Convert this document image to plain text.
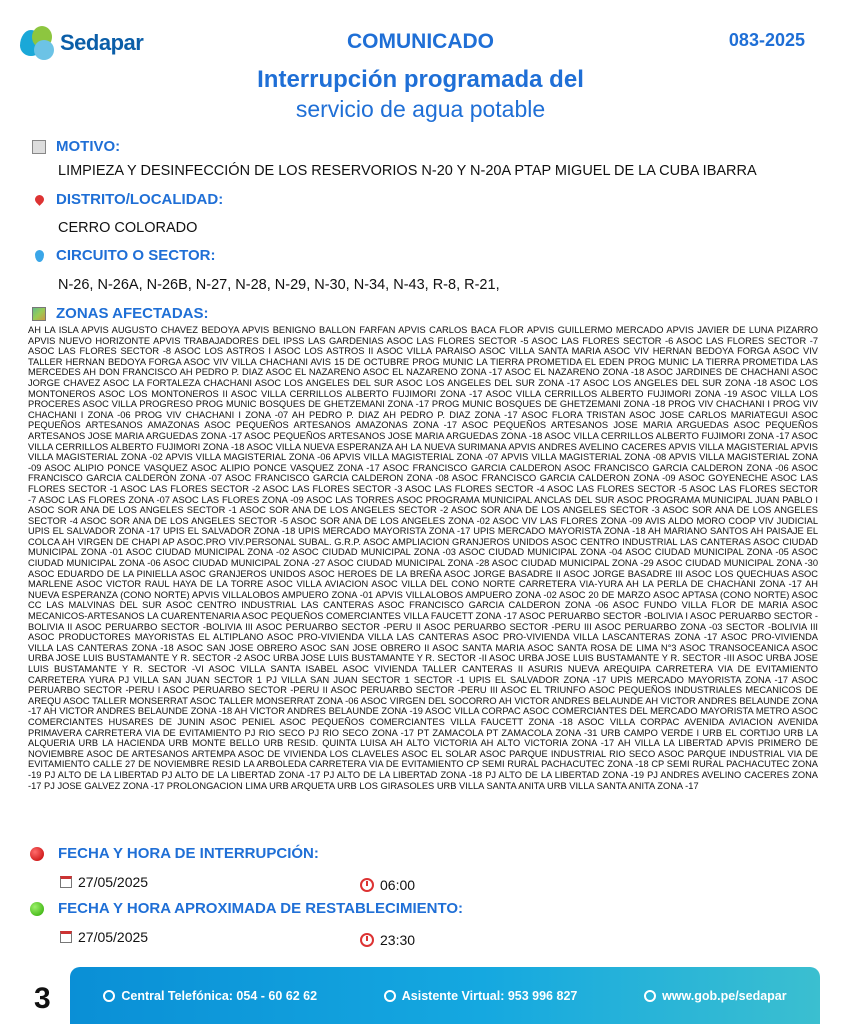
Sedapar	COMUNICADO	083-2025
Interrupción programada del
servicio de agua potable
MOTIVO:
LIMPIEZA Y DESINFECCIÓN DE LOS RESERVORIOS N-20 Y N-20A PTAP MIGUEL DE LA CUBA IBARRA
DISTRITO/LOCALIDAD:
CERRO COLORADO
CIRCUITO O SECTOR:
N-26, N-26A, N-26B, N-27, N-28, N-29, N-30, N-34, N-43, R-8, R-21,
ZONAS AFECTADAS:
AH LA ISLA APVIS AUGUSTO CHAVEZ BEDOYA APVIS BENIGNO BALLON FARFAN APVIS CARLOS BACA FLOR APVIS GUILLERMO MERCADO APVIS JAVIER DE LUNA PIZARRO APVIS NUEVO HORIZONTE APVIS TRABAJADORES DEL IPSS LAS GARDENIAS ASOC LAS FLORES SECTOR -5 ASOC LAS FLORES SECTOR -6 ASOC LAS FLORES SECTOR -7 ASOC LAS FLORES SECTOR -8 ASOC LOS ASTROS I ASOC LOS ASTROS II ASOC VILLA PARAISO ASOC VILLA SANTA MARIA ASOC VIV HERNAN BEDOYA FORGA ASOC VIV TALLER HERNAN BEDOYA FORGA ASOC VIV VILLA CHACHANI AVIS 15 DE OCTUBRE PROG MUNIC LA TIERRA PROMETIDA EL EDEN PROG MUNIC LA TIERRA PROMETIDA LAS MERCEDES AH DON FRANCISCO AH PEDRO P. DIAZ ASOC EL NAZARENO ASOC EL NAZARENO ZONA -17 ASOC EL NAZARENO ZONA -18 ASOC JARDINES DE CHACHANI ASOC JORGE CHAVEZ ASOC LA FORTALEZA CHACHANI ASOC LOS ANGELES DEL SUR ASOC LOS ANGELES DEL SUR ZONA -17 ASOC LOS ANGELES DEL SUR ZONA -18 ASOC LOS MONTONEROS ASOC LOS MONTONEROS II ASOC VILLA CERRILLOS ALBERTO FUJIMORI ZONA -17 ASOC VILLA CERRILLOS ALBERTO FUJIMORI ZONA -19 ASOC VILLA LOS PROCERES ASOC VILLA PROGRESO PROG MUNIC BOSQUES DE GHETZEMANI ZONA -17 PROG MUNIC BOSQUES DE GHETZEMANI ZONA -18 PROG VIV CHACHANI I PROG VIV CHACHANI I ZONA -06 PROG VIV CHACHANI I ZONA -07 AH PEDRO P. DIAZ AH PEDRO P. DIAZ ZONA -17 ASOC FLORA TRISTAN ASOC JOSE CARLOS MARIATEGUI ASOC PEQUEÑOS ARTESANOS AMAZONAS ASOC PEQUEÑOS ARTESANOS AMAZONAS ZONA -17 ASOC PEQUEÑOS ARTESANOS JOSE MARIA ARGUEDAS ASOC PEQUEÑOS ARTESANOS JOSE MARIA ARGUEDAS ZONA -17 ASOC PEQUEÑOS ARTESANOS JOSE MARIA ARGUEDAS ZONA -18 ASOC VILLA CERRILLOS ALBERTO FUJIMORI ZONA -17 ASOC VILLA CERRILLOS ALBERTO FUJIMORI ZONA -18 ASOC VILLA NUEVA ESPERANZA AH LA NUEVA SURIMANA APVIS ANDRES AVELINO CACERES APVIS VILLA MAGISTERIAL APVIS VILLA MAGISTERIAL ZONA -02 APVIS VILLA MAGISTERIAL ZONA -06 APVIS VILLA MAGISTERIAL ZONA -07 APVIS VILLA MAGISTERIAL ZONA -08 APVIS VILLA MAGISTERIAL ZONA -09 ASOC ALIPIO PONCE VASQUEZ ASOC ALIPIO PONCE VASQUEZ ZONA -17 ASOC FRANCISCO GARCIA CALDERON ASOC FRANCISCO GARCIA CALDERON ZONA -06 ASOC FRANCISCO GARCIA CALDERON ZONA -07 ASOC FRANCISCO GARCIA CALDERON ZONA -08 ASOC FRANCISCO GARCIA CALDERON ZONA -09 ASOC GOYENECHE ASOC LAS FLORES SECTOR -1 ASOC LAS FLORES SECTOR -2 ASOC LAS FLORES SECTOR -3 ASOC LAS FLORES SECTOR -4 ASOC LAS FLORES SECTOR -5 ASOC LAS FLORES SECTOR -7 ASOC LAS FLORES ZONA -07 ASOC LAS FLORES ZONA -09 ASOC LAS TORRES ASOC PROGRAMA MUNICIPAL ANCLAS DEL SUR ASOC PROGRAMA MUNICIPAL JUAN PABLO I ASOC SOR ANA DE LOS ANGELES SECTOR -1 ASOC SOR ANA DE LOS ANGELES SECTOR -2 ASOC SOR ANA DE LOS ANGELES SECTOR -3 ASOC SOR ANA DE LOS ANGELES SECTOR -4 ASOC SOR ANA DE LOS ANGELES SECTOR -5 ASOC SOR ANA DE LOS ANGELES ZONA -02 ASOC VIV LAS FLORES ZONA -09 AVIS ALDO MORO COOP VIV JUDICIAL UPIS EL SALVADOR ZONA -17 UPIS EL SALVADOR ZONA -18 UPIS MERCADO MAYORISTA ZONA -17 UPIS MERCADO MAYORISTA ZONA -18 AH MARIANO SANTOS AH PAISAJE EL COLCA AH VIRGEN DE CHAPI AP ASOC.PRO VIV.PERSONAL SUBAL. G.R.P. ASOC AMPLIACION GRANJEROS UNIDOS ASOC CENTRO INDUSTRIAL LAS CANTERAS ASOC CIUDAD MUNICIPAL ZONA -01 ASOC CIUDAD MUNICIPAL ZONA -02 ASOC CIUDAD MUNICIPAL ZONA -03 ASOC CIUDAD MUNICIPAL ZONA -04 ASOC CIUDAD MUNICIPAL ZONA -05 ASOC CIUDAD MUNICIPAL ZONA -06 ASOC CIUDAD MUNICIPAL ZONA -27 ASOC CIUDAD MUNICIPAL ZONA -28 ASOC CIUDAD MUNICIPAL ZONA -29 ASOC CIUDAD MUNICIPAL ZONA -30 ASOC EDUARDO DE LA PINIELLA ASOC GRANJEROS UNIDOS ASOC HEROES DE LA BREÑA ASOC JORGE BASADRE II ASOC JORGE BASADRE III ASOC LOS QUECHUAS ASOC MARLENE ASOC VICTOR RAUL HAYA DE LA TORRE ASOC VILLA AVIACION ASOC VILLA DEL CONO NORTE CARRETERA VIA-YURA AH LA PERLA DE CHACHANI ZONA -17 AH NUEVA ESPERANZA (CONO NORTE) APVIS VILLALOBOS AMPUERO ZONA -01 APVIS VILLALOBOS AMPUERO ZONA -02 ASOC 20 DE MARZO ASOC APTASA (CONO NORTE) ASOC CC LAS MALVINAS DEL SUR ASOC CENTRO INDUSTRIAL LAS CANTERAS ASOC FRANCISCO GARCIA CALDERON ZONA -06 ASOC FUNDO VILLA FLOR DE MARIA ASOC MECANICOS-ARTESANOS LA CUARENTENARIA ASOC PEQUEÑOS COMERCIANTES VILLA FAUCETT ZONA -17 ASOC PERUARBO SECTOR -BOLIVIA I ASOC PERUARBO SECTOR -BOLIVIA II ASOC PERUARBO SECTOR -BOLIVIA III ASOC PERUARBO SECTOR -PERU II ASOC PERUARBO SECTOR -PERU III ASOC PERUARBO ZONA -03 SECTOR -BOLIVIA III ASOC PRODUCTORES MAYORISTAS EL ALTIPLANO ASOC PRO-VIVIENDA VILLA LAS CANTERAS ASOC PRO-VIVIENDA VILLA LASCANTERAS ZONA -17 ASOC PRO-VIVIENDA VILLA LAS CANTERAS ZONA -18 ASOC SAN JOSE OBRERO ASOC SAN JOSE OBRERO II ASOC SANTA MARIA ASOC SANTA ROSA DE LIMA N°3 ASOC TRANSOCEANICA ASOC URBA JOSE LUIS BUSTAMANTE Y R. SECTOR -2 ASOC URBA JOSE LUIS BUSTAMANTE Y R. SECTOR -II ASOC URBA JOSE LUIS BUSTAMANTE Y R. SECTOR -III ASOC URBA JOSE LUIS BUSTAMANTE Y R. SECTOR -VI ASOC VILLA SANTA ISABEL ASOC VIVIENDA TALLER CANTERAS II ASURIS NUEVA AREQUIPA CARRETERA VIA DE EVITAMIENTO CARRETERA YURA PJ VILLA SAN JUAN SECTOR 1 PJ VILLA SAN JUAN SECTOR 1 SECTOR -1 UPIS EL SALVADOR ZONA -17 UPIS MERCADO MAYORISTA ZONA -17 ASOC PERUARBO SECTOR -PERU I ASOC PERUARBO SECTOR -PERU II ASOC PERUARBO SECTOR -PERU III ASOC EL TRIUNFO ASOC PEQUEÑOS INDUSTRIALES MECANICOS DE AREQU ASOC TALLER MONSERRAT ASOC TALLER MONSERRAT ZONA -06 ASOC VIRGEN DEL SOCORRO AH VICTOR ANDRES BELAUNDE AH VICTOR ANDRES BELAUNDE ZONA -17 AH VICTOR ANDRES BELAUNDE ZONA -18 AH VICTOR ANDRES BELAUNDE ZONA -19 ASOC VILLA CORPAC ASOC COMERCIANTES DEL MERCADO MAYORISTA METRO ASOC COMERCIANTES HUSARES DE JUNIN ASOC PENIEL ASOC PEQUEÑOS COMERCIANTES VILLA FAUCETT ZONA -18 ASOC VILLA CORPAC AVENIDA AVIACION AVENIDA PRIMAVERA CARRETERA VIA DE EVITAMIENTO PJ RIO SECO PJ RIO SECO ZONA -17 PT ZAMACOLA PT ZAMACOLA ZONA -31 URB CAMPO VERDE I URB EL CORTIJO URB LA ALQUERIA URB LA HACIENDA URB MONTE BELLO URB RESID. QUINTA LUISA AH ALTO VICTORIA AH ALTO VICTORIA ZONA -17 AH VILLA LA LIBERTAD APVIS PRIMERO DE NOVIEMBRE ASOC DE ARTESANOS ARTEMPA ASOC DE VIVIENDA LOS CLAVELES ASOC EL SOLAR ASOC PARQUE INDUSTRIAL RIO SECO ASOC PARQUE INDUSTRIAL VIA DE EVITAMIENTO CALLE 27 DE NOVIEMBRE RESID LA ARBOLEDA CARRETERA VIA DE EVITAMIENTO CP SEMI RURAL PACHACUTEC ZONA -18 CP SEMI RURAL PACHACUTEC ZONA -19 PJ ALTO DE LA LIBERTAD PJ ALTO DE LA LIBERTAD ZONA -17 PJ ALTO DE LA LIBERTAD ZONA -18 PJ ALTO DE LA LIBERTAD ZONA -19 PJ ANDRES AVELINO CACERES ZONA -17 PJ JOSE GALVEZ ZONA -17 PROLONGACION LIMA URB ARQUETA URB LOS GIRASOLES URB VILLA SANTA ANITA URB VILLA SANTA ANITA ZONA -17
FECHA Y HORA DE INTERRUPCIÓN:
27/05/2025	06:00
FECHA Y HORA APROXIMADA DE RESTABLECIMIENTO:
27/05/2025	23:30
3	Central Telefónica: 054 - 60 62 62	Asistente Virtual: 953 996 827	www.gob.pe/sedapar
